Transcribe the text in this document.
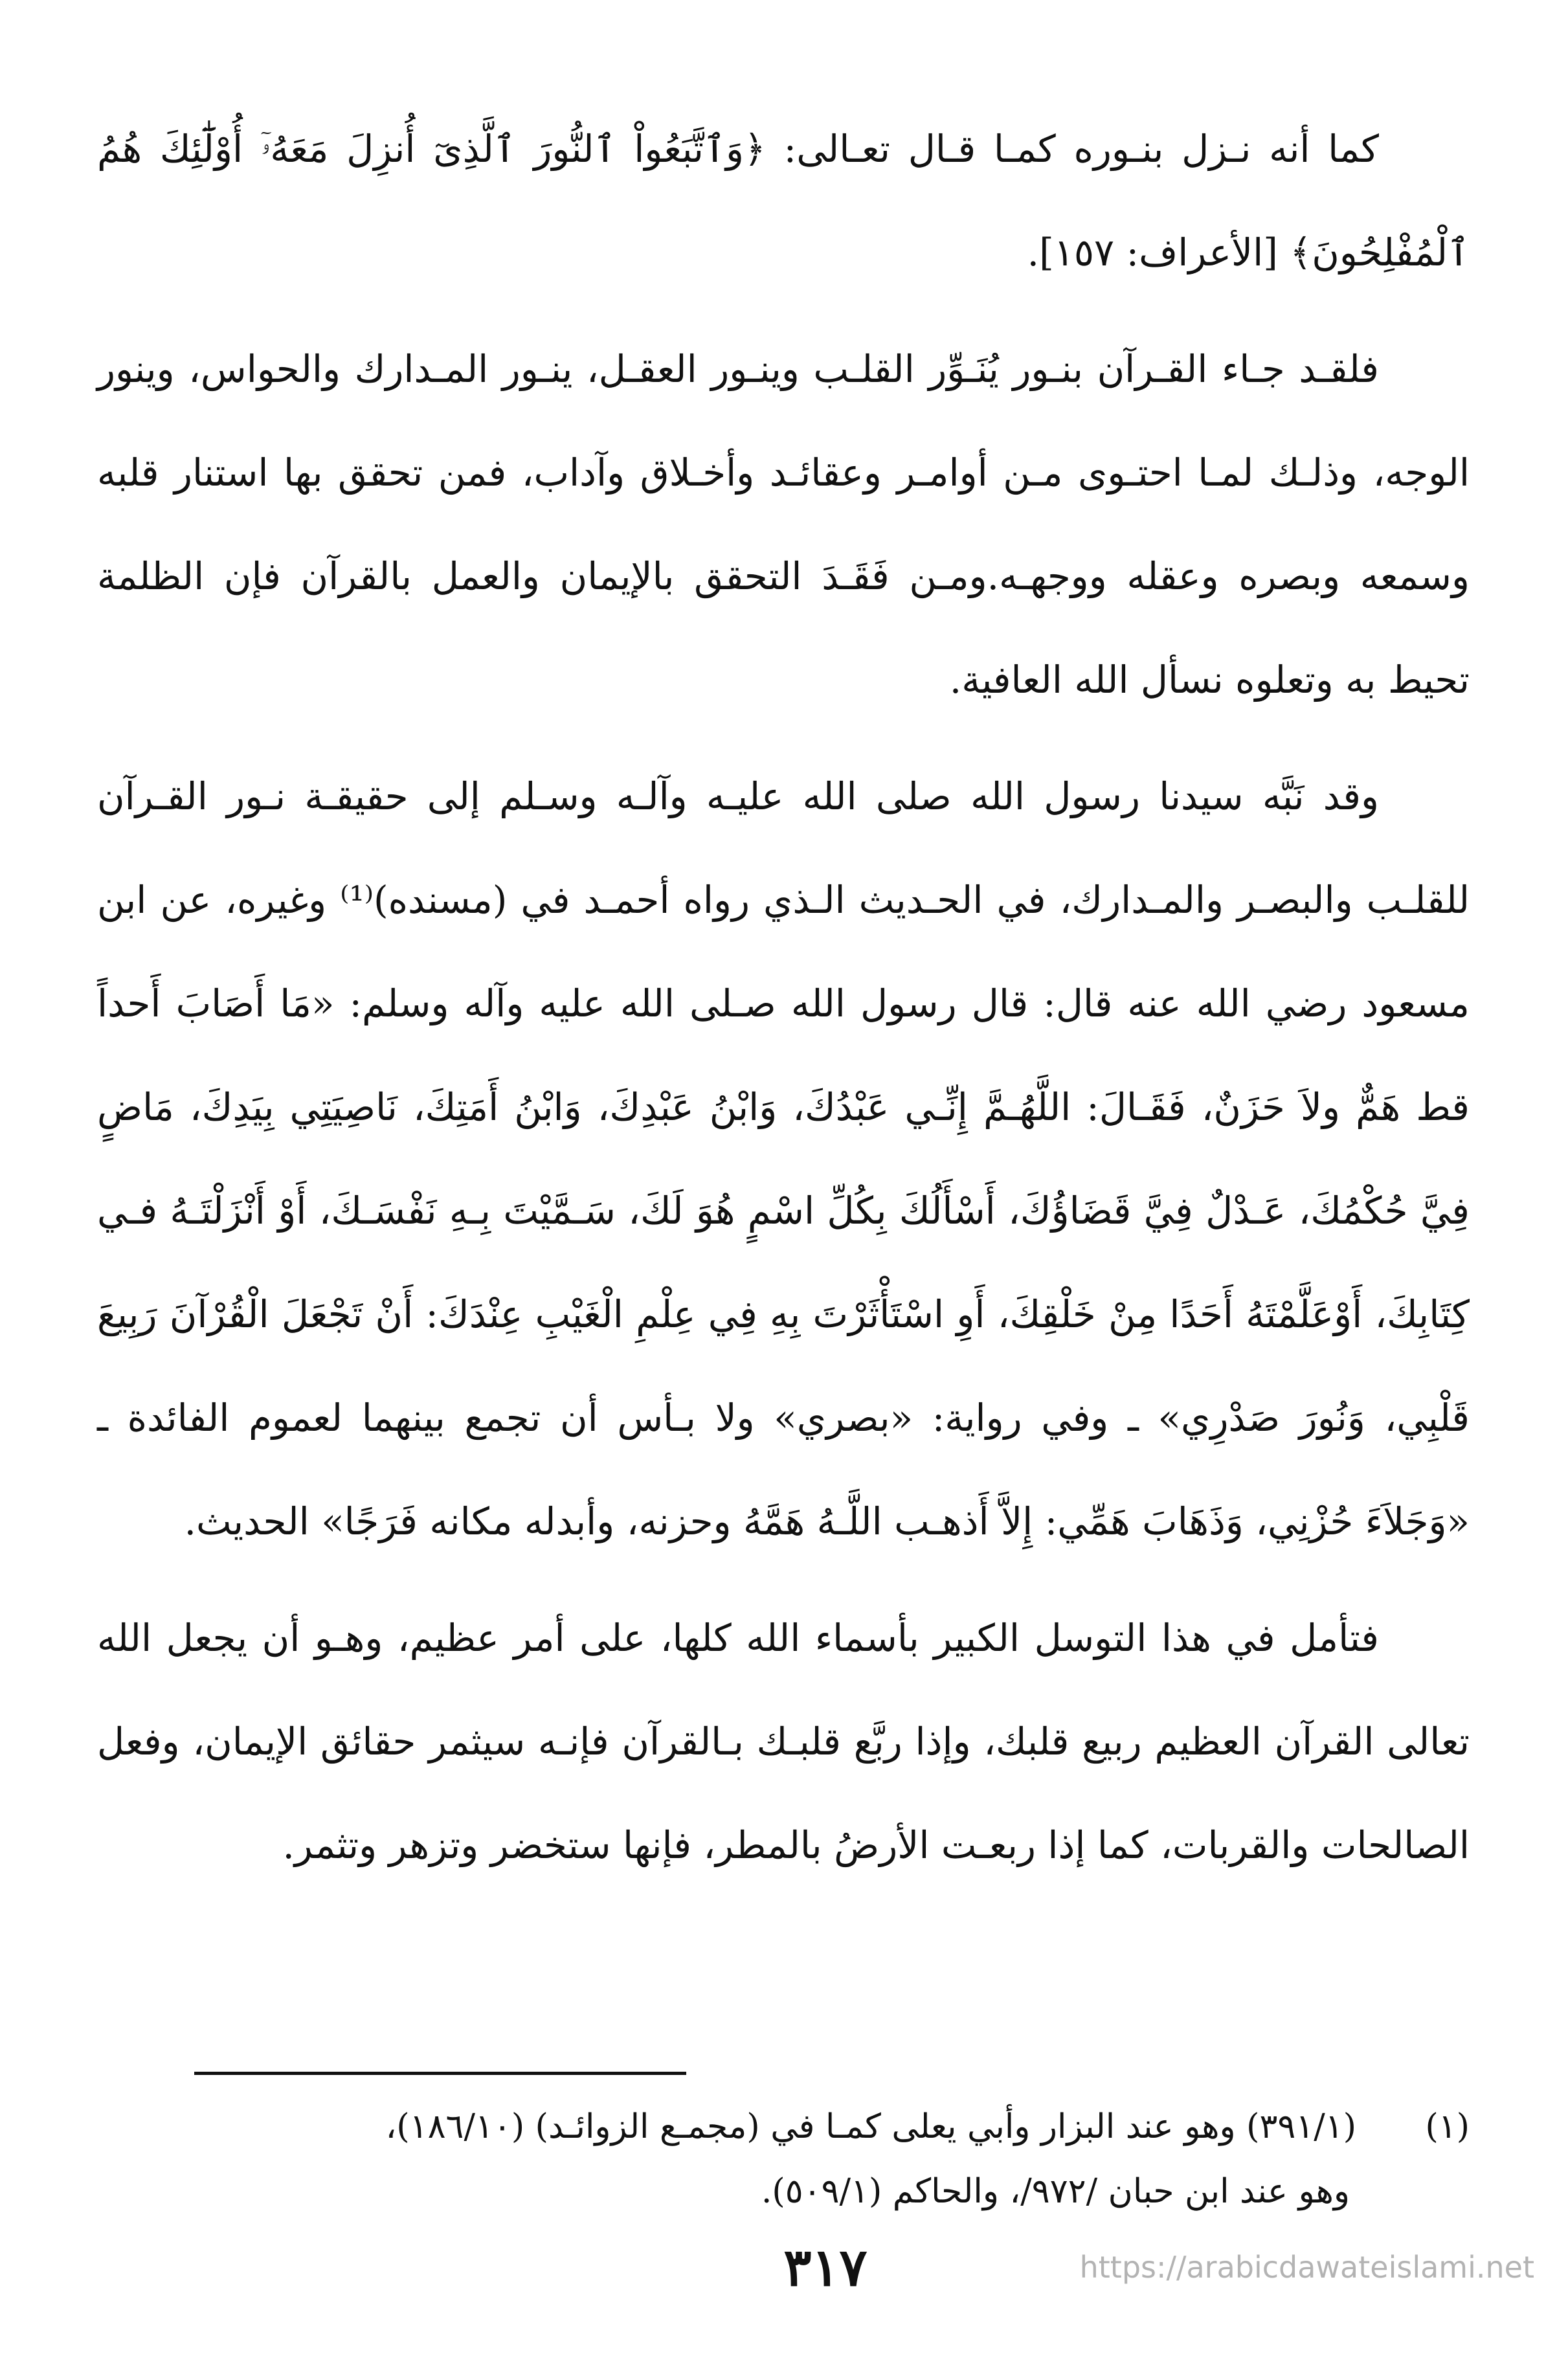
كما أنه نـزل بنـوره كمـا قـال تعـالى: ﴿وَٱتَّبَعُواْ ٱلنُّورَ ٱلَّذِىٓ أُنزِلَ مَعَهُۥٓ أُوْلَٰٓئِكَ هُمُ ٱلْمُفْلِحُونَ﴾ [الأعراف: ١٥٧].

فلقـد جـاء القـرآن بنـور يُنَـوِّر القلـب وينـور العقـل، ينـور المـدارك والحواس، وينور الوجه، وذلـك لمـا احتـوى مـن أوامـر وعقائـد وأخـلاق وآداب، فمن تحقق بها استنار قلبه وسمعه وبصره وعقله ووجهـه.ومـن فَقَـدَ التحقق بالإيمان والعمل بالقرآن فإن الظلمة تحيط به وتعلوه نسأل الله العافية.

وقد نَبَّه سيدنا رسول الله صلى الله عليـه وآلـه وسـلم إلى حقيقـة نـور القـرآن للقلـب والبصـر والمـدارك، في الحـديث الـذي رواه أحمـد في (مسنده)⁽¹⁾ وغيره، عن ابن مسعود رضي الله عنه قال: قال رسول الله صـلى الله عليه وآله وسلم: «مَا أَصَابَ أَحداً قط هَمٌّ ولاَ حَزَنٌ، فَقَـالَ: اللَّهُـمَّ إِنِّـي عَبْدُكَ، وَابْنُ عَبْدِكَ، وَابْنُ أَمَتِكَ، نَاصِيَتِي بِيَدِكَ، مَاضٍ فِيَّ حُكْمُكَ، عَـدْلٌ فِيَّ قَضَاؤُكَ، أَسْأَلُكَ بِكُلِّ اسْمٍ هُوَ لَكَ، سَـمَّيْتَ بِـهِ نَفْسَـكَ، أَوْ أَنْزَلْتَـهُ فـي كِتَابِكَ، أَوْعَلَّمْتَهُ أَحَدًا مِنْ خَلْقِكَ، أَوِ اسْتَأْثَرْتَ بِهِ فِي عِلْمِ الْغَيْبِ عِنْدَكَ: أَنْ تَجْعَلَ الْقُرْآنَ رَبِيعَ قَلْبِي، وَنُورَ صَدْرِي» ـ وفي رواية: «بصري» ولا بـأس أن تجمع بينهما لعموم الفائدة ـ «وَجَلاَءَ حُزْنِي، وَذَهَابَ هَمِّي: إِلاَّ أَذهـب اللَّـهُ هَمَّهُ وحزنه، وأبدله مكانه فَرَجًا» الحديث.

فتأمل في هذا التوسل الكبير بأسماء الله كلها، على أمر عظيم، وهـو أن يجعل الله تعالى القرآن العظيم ربيع قلبك، وإذا ربَّع قلبـك بـالقرآن فإنـه سيثمر حقائق الإيمان، وفعل الصالحات والقربات، كما إذا ربعـت الأرضُ بالمطر، فإنها ستخضر وتزهر وتثمر.

(١)(٣٩١/١) وهو عند البزار وأبي يعلى كمـا في (مجمـع الزوائـد) (١٨٦/١٠)،
وهو عند ابن حبان /٩٧٢/، والحاكم (٥٠٩/١).
٣١٧	https://arabicdawateislami.net
